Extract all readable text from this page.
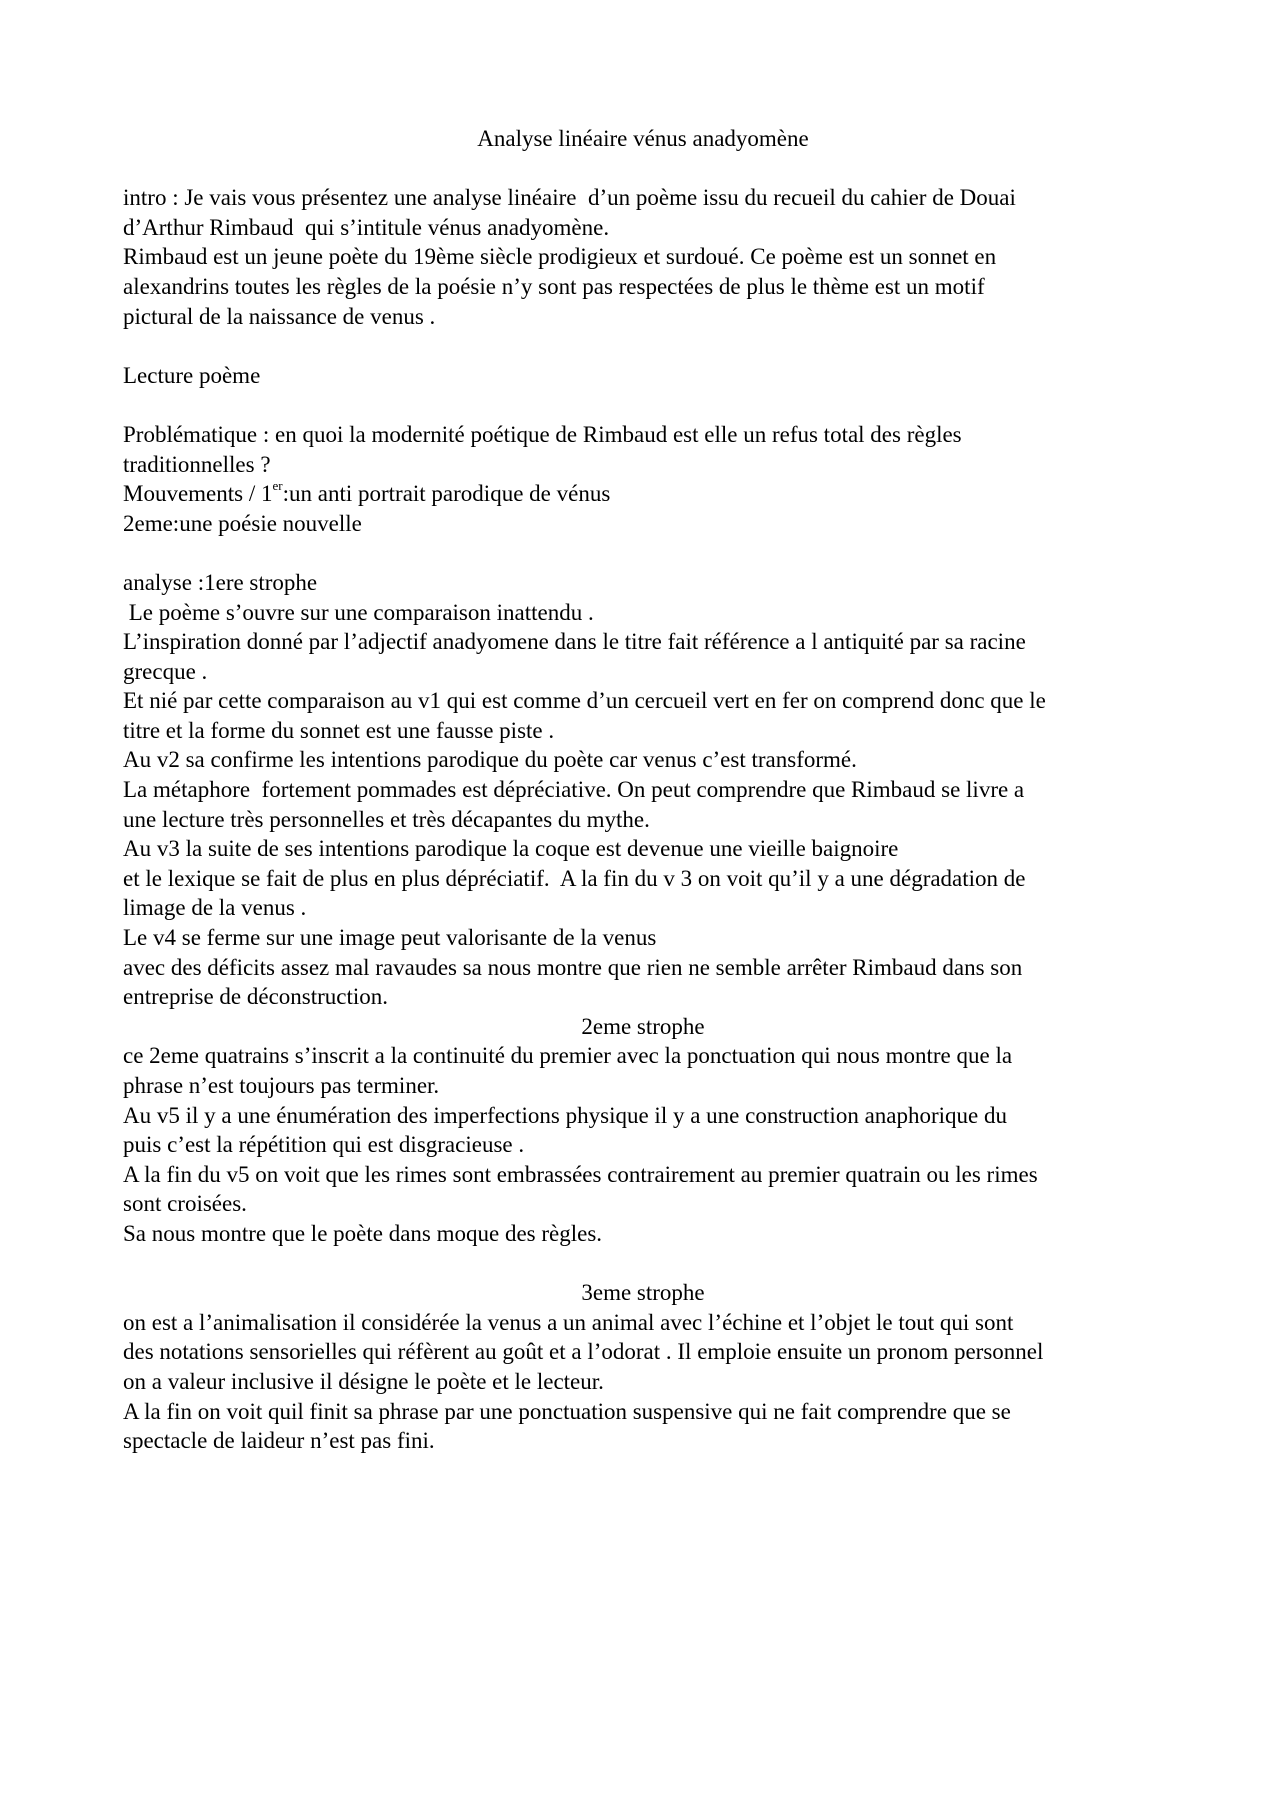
Analyse linéaire vénus anadyomène
intro : Je vais vous présentez une analyse linéaire  d’un poème issu du recueil du cahier de Douai
d’Arthur Rimbaud  qui s’intitule vénus anadyomène.
Rimbaud est un jeune poète du 19ème siècle prodigieux et surdoué. Ce poème est un sonnet en
alexandrins toutes les règles de la poésie n’y sont pas respectées de plus le thème est un motif
pictural de la naissance de venus .
Lecture poème
Problématique : en quoi la modernité poétique de Rimbaud est elle un refus total des règles
traditionnelles ?
Mouvements / 1er:un anti portrait parodique de vénus
2eme:une poésie nouvelle
analyse :1ere strophe
Le poème s’ouvre sur une comparaison inattendu .
L’inspiration donné par l’adjectif anadyomene dans le titre fait référence a l antiquité par sa racine
grecque .
Et nié par cette comparaison au v1 qui est comme d’un cercueil vert en fer on comprend donc que le
titre et la forme du sonnet est une fausse piste .
Au v2 sa confirme les intentions parodique du poète car venus c’est transformé.
La métaphore  fortement pommades est dépréciative. On peut comprendre que Rimbaud se livre a
une lecture très personnelles et très décapantes du mythe.
Au v3 la suite de ses intentions parodique la coque est devenue une vieille baignoire
et le lexique se fait de plus en plus dépréciatif.  A la fin du v 3 on voit qu’il y a une dégradation de
limage de la venus .
Le v4 se ferme sur une image peut valorisante de la venus
avec des déficits assez mal ravaudes sa nous montre que rien ne semble arrêter Rimbaud dans son
entreprise de déconstruction.
2eme strophe
ce 2eme quatrains s’inscrit a la continuité du premier avec la ponctuation qui nous montre que la
phrase n’est toujours pas terminer.
Au v5 il y a une énumération des imperfections physique il y a une construction anaphorique du
puis c’est la répétition qui est disgracieuse .
A la fin du v5 on voit que les rimes sont embrassées contrairement au premier quatrain ou les rimes
sont croisées.
Sa nous montre que le poète dans moque des règles.
3eme strophe
on est a l’animalisation il considérée la venus a un animal avec l’échine et l’objet le tout qui sont
des notations sensorielles qui réfèrent au goût et a l’odorat . Il emploie ensuite un pronom personnel
on a valeur inclusive il désigne le poète et le lecteur.
A la fin on voit quil finit sa phrase par une ponctuation suspensive qui ne fait comprendre que se
spectacle de laideur n’est pas fini.
